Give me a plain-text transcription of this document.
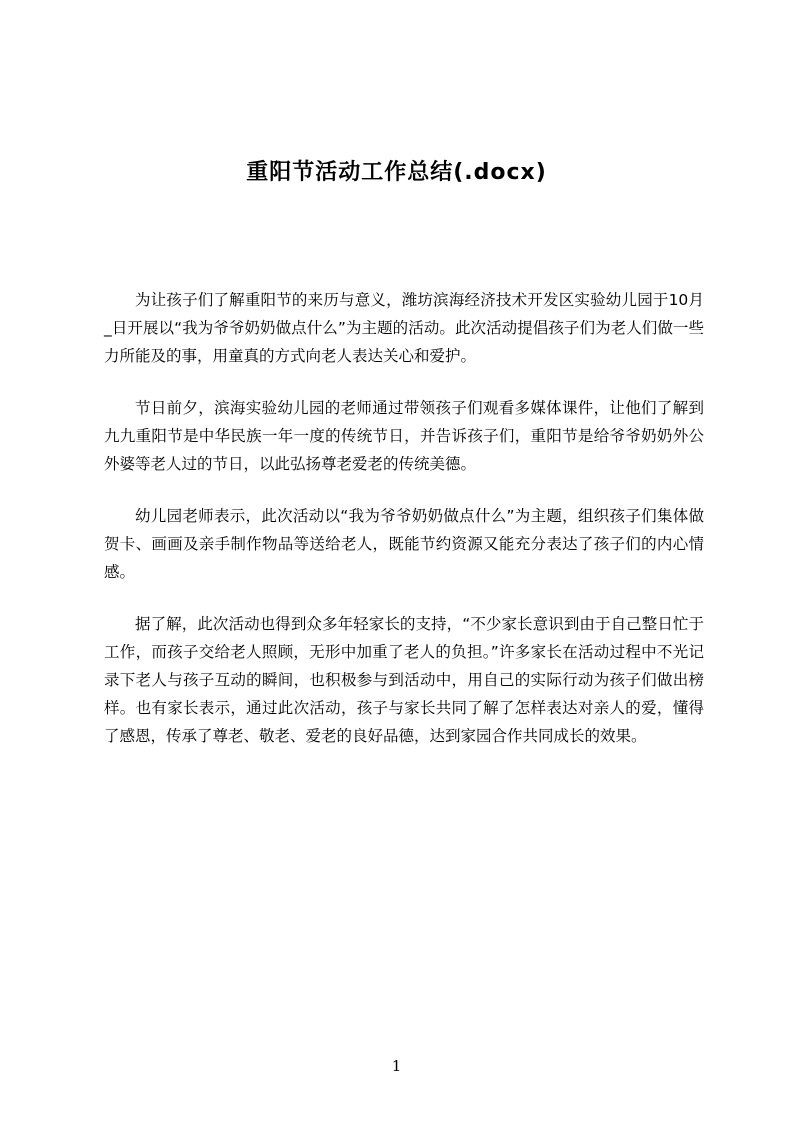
重阳节活动工作总结(.docx)

为让孩子们了解重阳节的来历与意义，潍坊滨海经济技术开发区实验幼儿园于10月_日开展以“我为爷爷奶奶做点什么”为主题的活动。此次活动提倡孩子们为老人们做一些力所能及的事，用童真的方式向老人表达关心和爱护。

节日前夕，滨海实验幼儿园的老师通过带领孩子们观看多媒体课件，让他们了解到九九重阳节是中华民族一年一度的传统节日，并告诉孩子们，重阳节是给爷爷奶奶外公外婆等老人过的节日，以此弘扬尊老爱老的传统美德。

幼儿园老师表示，此次活动以“我为爷爷奶奶做点什么”为主题，组织孩子们集体做贺卡、画画及亲手制作物品等送给老人，既能节约资源又能充分表达了孩子们的内心情感。

据了解，此次活动也得到众多年轻家长的支持，“不少家长意识到由于自己整日忙于工作，而孩子交给老人照顾，无形中加重了老人的负担。”许多家长在活动过程中不光记录下老人与孩子互动的瞬间，也积极参与到活动中，用自己的实际行动为孩子们做出榜样。也有家长表示，通过此次活动，孩子与家长共同了解了怎样表达对亲人的爱，懂得了感恩，传承了尊老、敬老、爱老的良好品德，达到家园合作共同成长的效果。

1
